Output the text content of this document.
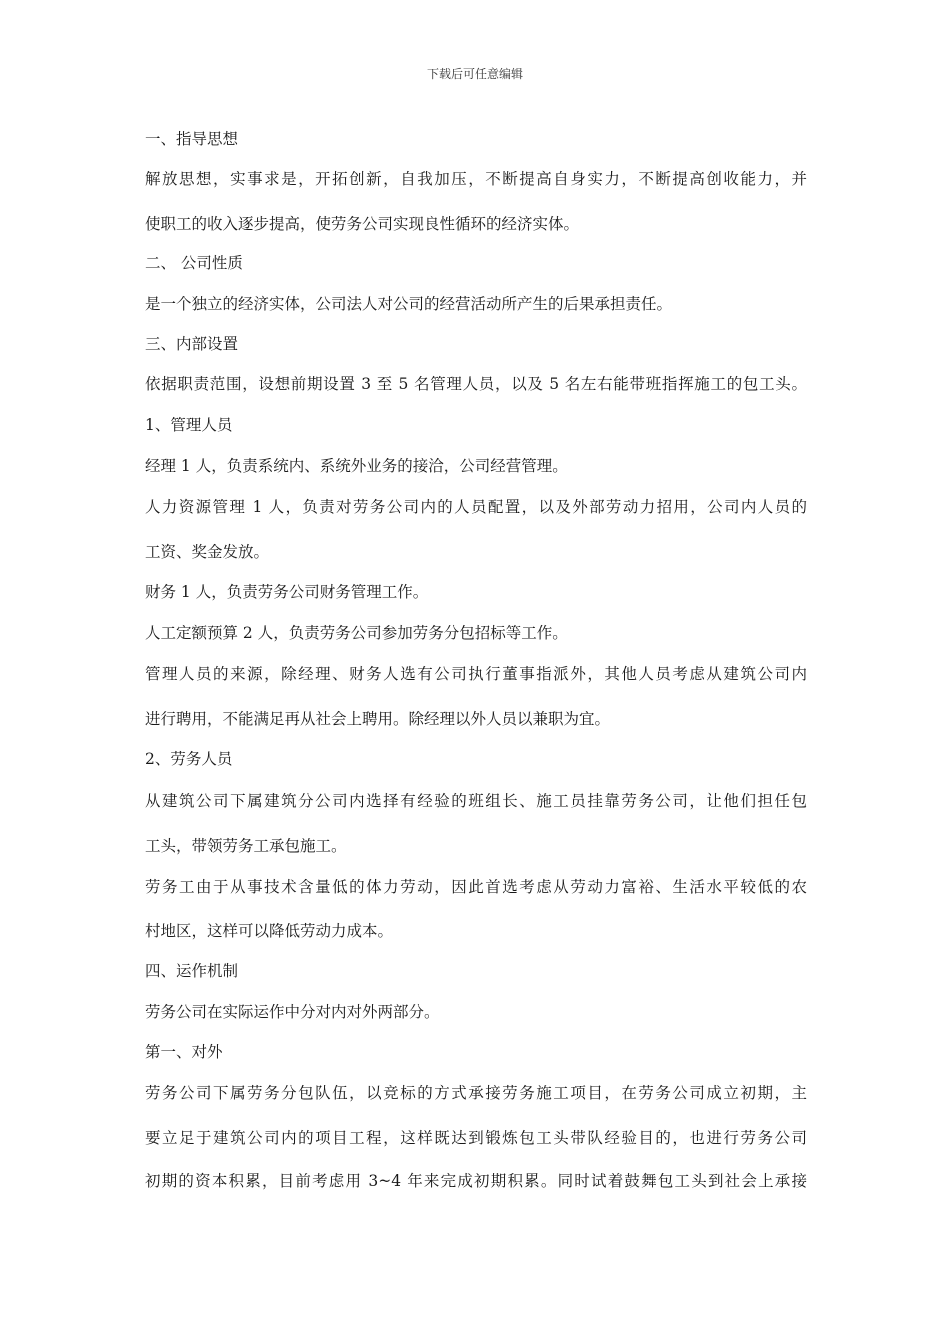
下载后可任意编辑
一、指导思想
解放思想，实事求是，开拓创新，自我加压，不断提高自身实力，不断提高创收能力，并
使职工的收入逐步提高，使劳务公司实现良性循环的经济实体。
二、 公司性质
是一个独立的经济实体，公司法人对公司的经营活动所产生的后果承担责任。
三、内部设置
依据职责范围，设想前期设置 3 至 5 名管理人员，以及 5 名左右能带班指挥施工的包工头。
1、管理人员
经理 1 人，负责系统内、系统外业务的接洽，公司经营管理。
人力资源管理 1 人，负责对劳务公司内的人员配置，以及外部劳动力招用，公司内人员的
工资、奖金发放。
财务 1 人，负责劳务公司财务管理工作。
人工定额预算 2 人，负责劳务公司参加劳务分包招标等工作。
管理人员的来源，除经理、财务人选有公司执行董事指派外，其他人员考虑从建筑公司内
进行聘用，不能满足再从社会上聘用。除经理以外人员以兼职为宜。
2、劳务人员
从建筑公司下属建筑分公司内选择有经验的班组长、施工员挂靠劳务公司，让他们担任包
工头，带领劳务工承包施工。
劳务工由于从事技术含量低的体力劳动，因此首选考虑从劳动力富裕、生活水平较低的农
村地区，这样可以降低劳动力成本。
四、运作机制
劳务公司在实际运作中分对内对外两部分。
第一、对外
劳务公司下属劳务分包队伍，以竞标的方式承接劳务施工项目，在劳务公司成立初期，主
要立足于建筑公司内的项目工程，这样既达到锻炼包工头带队经验目的，也进行劳务公司
初期的资本积累，目前考虑用 3~4 年来完成初期积累。同时试着鼓舞包工头到社会上承接
